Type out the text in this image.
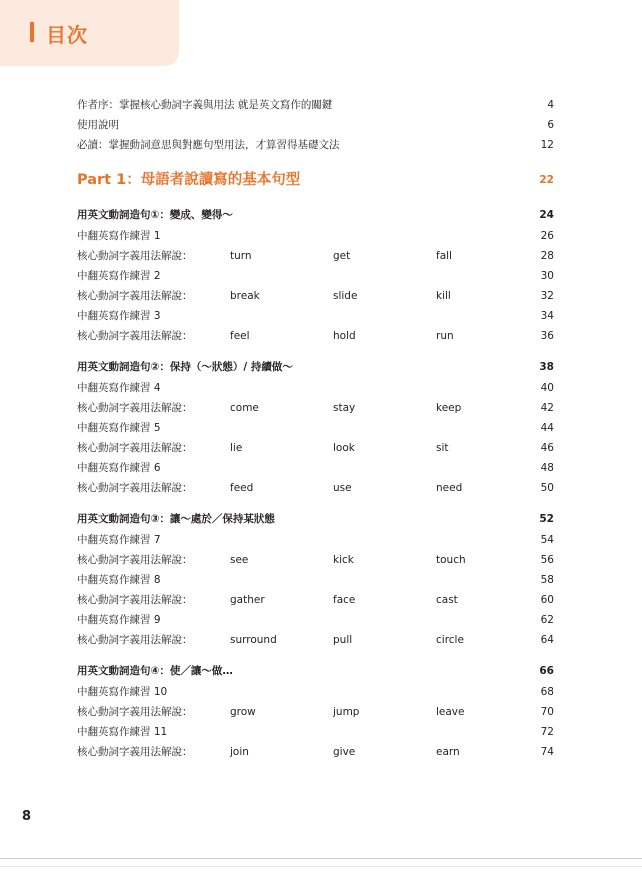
目次
作者序：掌握核心動詞字義與用法 就是英文寫作的關鍵	4
使用說明	6
必讀：掌握動詞意思與對應句型用法，才算習得基礎文法	12
Part 1：母語者說讀寫的基本句型	22
用英文動詞造句①：變成、變得～	24
中翻英寫作練習 1	26
核心動詞字義用法解說：	turn	get	fall	28
中翻英寫作練習 2	30
核心動詞字義用法解說：	break	slide	kill	32
中翻英寫作練習 3	34
核心動詞字義用法解說：	feel	hold	run	36
用英文動詞造句②：保持（～狀態）/ 持續做～	38
中翻英寫作練習 4	40
核心動詞字義用法解說：	come	stay	keep	42
中翻英寫作練習 5	44
核心動詞字義用法解說：	lie	look	sit	46
中翻英寫作練習 6	48
核心動詞字義用法解說：	feed	use	need	50
用英文動詞造句③：讓～處於／保持某狀態	52
中翻英寫作練習 7	54
核心動詞字義用法解說：	see	kick	touch	56
中翻英寫作練習 8	58
核心動詞字義用法解說：	gather	face	cast	60
中翻英寫作練習 9	62
核心動詞字義用法解說：	surround	pull	circle	64
用英文動詞造句④：使／讓～做…	66
中翻英寫作練習 10	68
核心動詞字義用法解說：	grow	jump	leave	70
中翻英寫作練習 11	72
核心動詞字義用法解說：	join	give	earn	74
8
